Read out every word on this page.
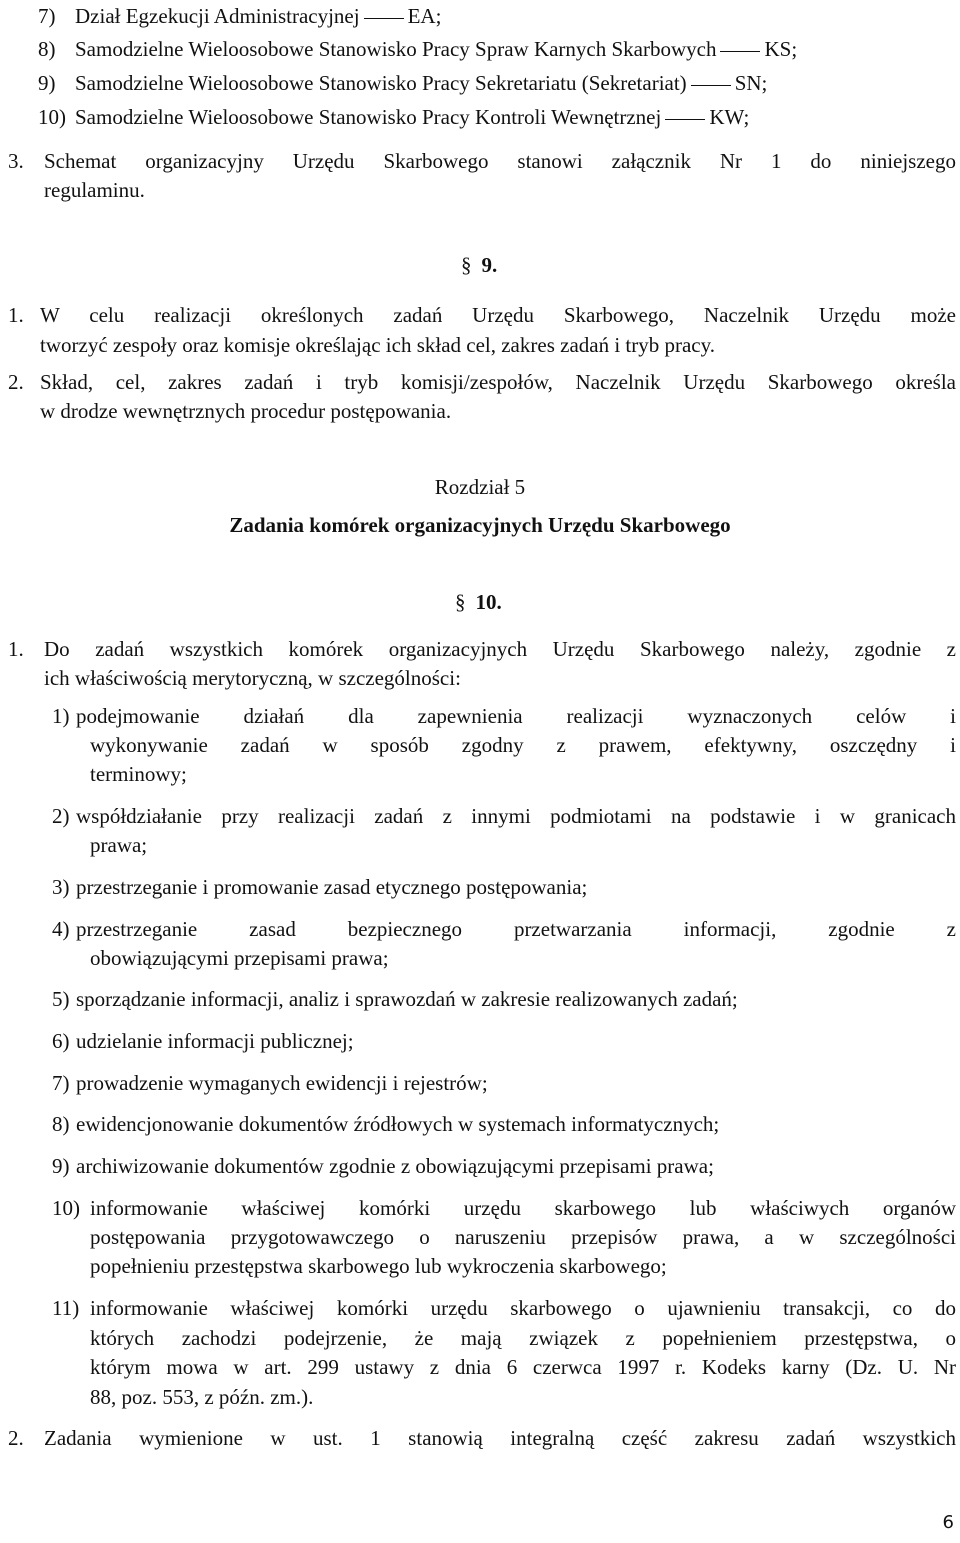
7) Dział Egzekucji Administracyjnej EA;
8) Samodzielne Wieloosobowe Stanowisko Pracy Spraw Karnych Skarbowych KS;
9) Samodzielne Wieloosobowe Stanowisko Pracy Sekretariatu (Sekretariat) SN;
10) Samodzielne Wieloosobowe Stanowisko Pracy Kontroli Wewnętrznej KW;
3. Schemat organizacyjny Urzędu Skarbowego stanowi załącznik Nr 1 do niniejszego
regulaminu.
§ 9.
1. W celu realizacji określonych zadań Urzędu Skarbowego, Naczelnik Urzędu może
tworzyć zespoły oraz komisje określając ich skład cel, zakres zadań i tryb pracy.
2. Skład, cel, zakres zadań i tryb komisji/zespołów, Naczelnik Urzędu Skarbowego określa
w drodze wewnętrznych procedur postępowania.
Rozdział 5
Zadania komórek organizacyjnych Urzędu Skarbowego
§ 10.
1. Do zadań wszystkich komórek organizacyjnych Urzędu Skarbowego należy, zgodnie z
ich właściwością merytoryczną, w szczególności:
1) podejmowanie działań dla zapewnienia realizacji wyznaczonych celów i
wykonywanie zadań w sposób zgodny z prawem, efektywny, oszczędny i
terminowy;
2) współdziałanie przy realizacji zadań z innymi podmiotami na podstawie i w granicach
prawa;
3) przestrzeganie i promowanie zasad etycznego postępowania;
4) przestrzeganie zasad bezpiecznego przetwarzania informacji, zgodnie z
obowiązującymi przepisami prawa;
5) sporządzanie informacji, analiz i sprawozdań w zakresie realizowanych zadań;
6) udzielanie informacji publicznej;
7) prowadzenie wymaganych ewidencji i rejestrów;
8) ewidencjonowanie dokumentów źródłowych w systemach informatycznych;
9) archiwizowanie dokumentów zgodnie z obowiązującymi przepisami prawa;
10) informowanie właściwej komórki urzędu skarbowego lub właściwych organów
postępowania przygotowawczego o naruszeniu przepisów prawa, a w szczególności
popełnieniu przestępstwa skarbowego lub wykroczenia skarbowego;
11) informowanie właściwej komórki urzędu skarbowego o ujawnieniu transakcji, co do
których zachodzi podejrzenie, że mają związek z popełnieniem przestępstwa, o
którym mowa w art. 299 ustawy z dnia 6 czerwca 1997 r. Kodeks karny (Dz. U. Nr
88, poz. 553, z późn. zm.).
2. Zadania wymienione w ust. 1 stanowią integralną część zakresu zadań wszystkich
6
